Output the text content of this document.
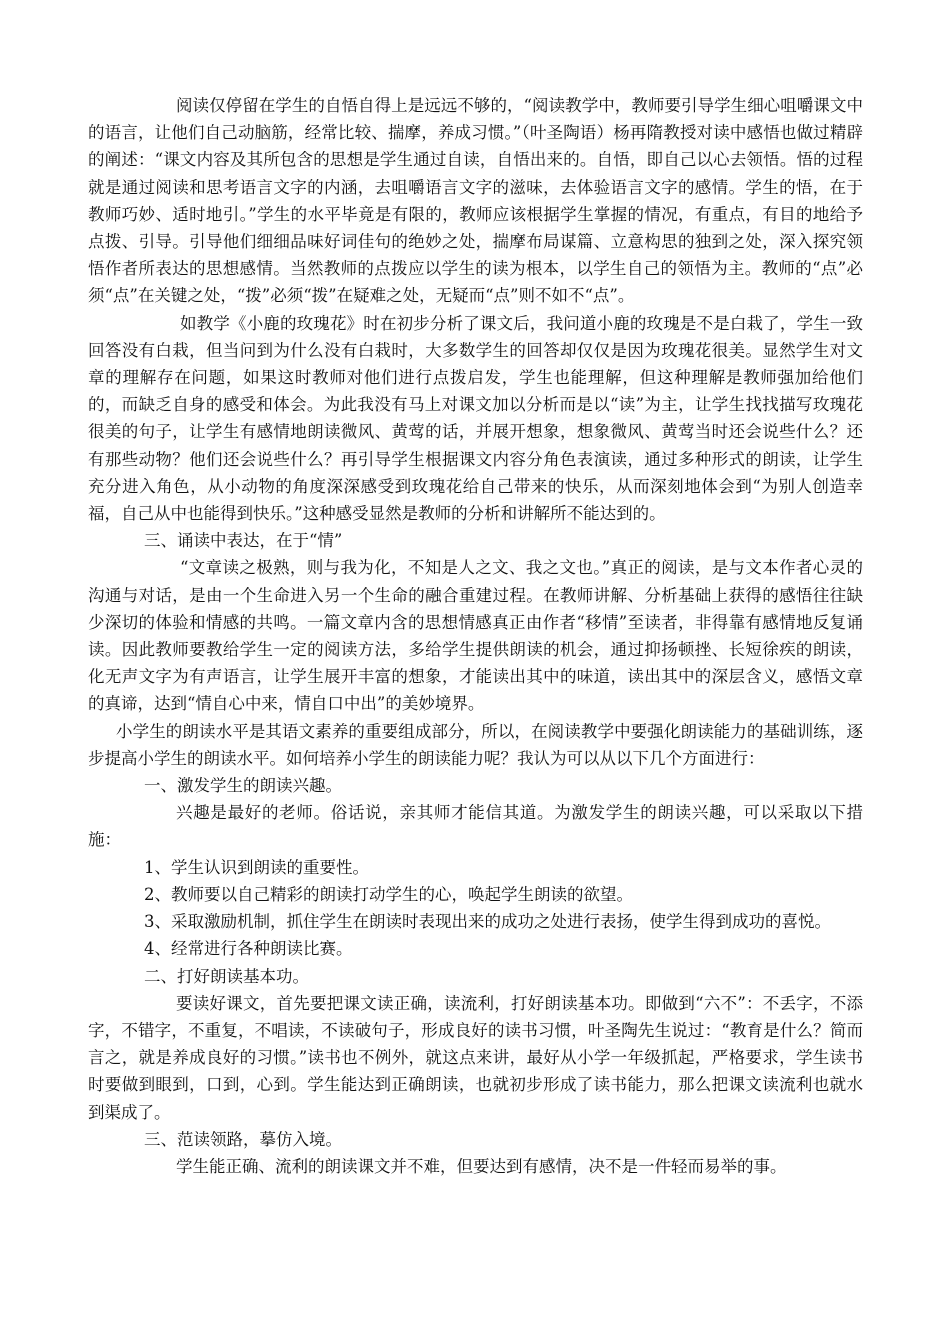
阅读仅停留在学生的自悟自得上是远远不够的，“阅读教学中，教师要引导学生细心咀嚼课文中的语言，让他们自己动脑筋，经常比较、揣摩，养成习惯。”（叶圣陶语）杨再隋教授对读中感悟也做过精辟的阐述：“课文内容及其所包含的思想是学生通过自读，自悟出来的。自悟，即自己以心去领悟。悟的过程就是通过阅读和思考语言文字的内涵，去咀嚼语言文字的滋味，去体验语言文字的感情。学生的悟，在于教师巧妙、适时地引。”学生的水平毕竟是有限的，教师应该根据学生掌握的情况，有重点，有目的地给予点拨、引导。引导他们细细品味好词佳句的绝妙之处，揣摩布局谋篇、立意构思的独到之处，深入探究领悟作者所表达的思想感情。当然教师的点拨应以学生的读为根本，以学生自己的领悟为主。教师的“点”必须“点”在关键之处，“拨”必须“拨”在疑难之处，无疑而“点”则不如不“点”。

如教学《小鹿的玫瑰花》时在初步分析了课文后，我问道小鹿的玫瑰是不是白栽了，学生一致回答没有白栽，但当问到为什么没有白栽时，大多数学生的回答却仅仅是因为玫瑰花很美。显然学生对文章的理解存在问题，如果这时教师对他们进行点拨启发，学生也能理解，但这种理解是教师强加给他们的，而缺乏自身的感受和体会。为此我没有马上对课文加以分析而是以“读”为主，让学生找找描写玫瑰花很美的句子，让学生有感情地朗读微风、黄莺的话，并展开想象，想象微风、黄莺当时还会说些什么？还有那些动物？他们还会说些什么？再引导学生根据课文内容分角色表演读，通过多种形式的朗读，让学生充分进入角色，从小动物的角度深深感受到玫瑰花给自己带来的快乐，从而深刻地体会到“为别人创造幸福，自己从中也能得到快乐。”这种感受显然是教师的分析和讲解所不能达到的。

三、诵读中表达，在于“情”

“文章读之极熟，则与我为化，不知是人之文、我之文也。”真正的阅读，是与文本作者心灵的沟通与对话，是由一个生命进入另一个生命的融合重建过程。在教师讲解、分析基础上获得的感悟往往缺少深切的体验和情感的共鸣。一篇文章内含的思想情感真正由作者“移情”至读者，非得靠有感情地反复诵读。因此教师要教给学生一定的阅读方法，多给学生提供朗读的机会，通过抑扬顿挫、长短徐疾的朗读，化无声文字为有声语言，让学生展开丰富的想象，才能读出其中的味道，读出其中的深层含义，感悟文章的真谛，达到“情自心中来，情自口中出”的美妙境界。

小学生的朗读水平是其语文素养的重要组成部分，所以，在阅读教学中要强化朗读能力的基础训练，逐步提高小学生的朗读水平。如何培养小学生的朗读能力呢？我认为可以从以下几个方面进行：

一、激发学生的朗读兴趣。

兴趣是最好的老师。俗话说，亲其师才能信其道。为激发学生的朗读兴趣，可以采取以下措施：

1、学生认识到朗读的重要性。

2、教师要以自己精彩的朗读打动学生的心，唤起学生朗读的欲望。

3、采取激励机制，抓住学生在朗读时表现出来的成功之处进行表扬，使学生得到成功的喜悦。

4、经常进行各种朗读比赛。

二、打好朗读基本功。

要读好课文，首先要把课文读正确，读流利，打好朗读基本功。即做到“六不”：不丢字，不添字，不错字，不重复，不唱读，不读破句子，形成良好的读书习惯，叶圣陶先生说过：“教育是什么？简而言之，就是养成良好的习惯。”读书也不例外，就这点来讲，最好从小学一年级抓起，严格要求，学生读书时要做到眼到，口到，心到。学生能达到正确朗读，也就初步形成了读书能力，那么把课文读流利也就水到渠成了。

三、范读领路，摹仿入境。

学生能正确、流利的朗读课文并不难，但要达到有感情，决不是一件轻而易举的事。
